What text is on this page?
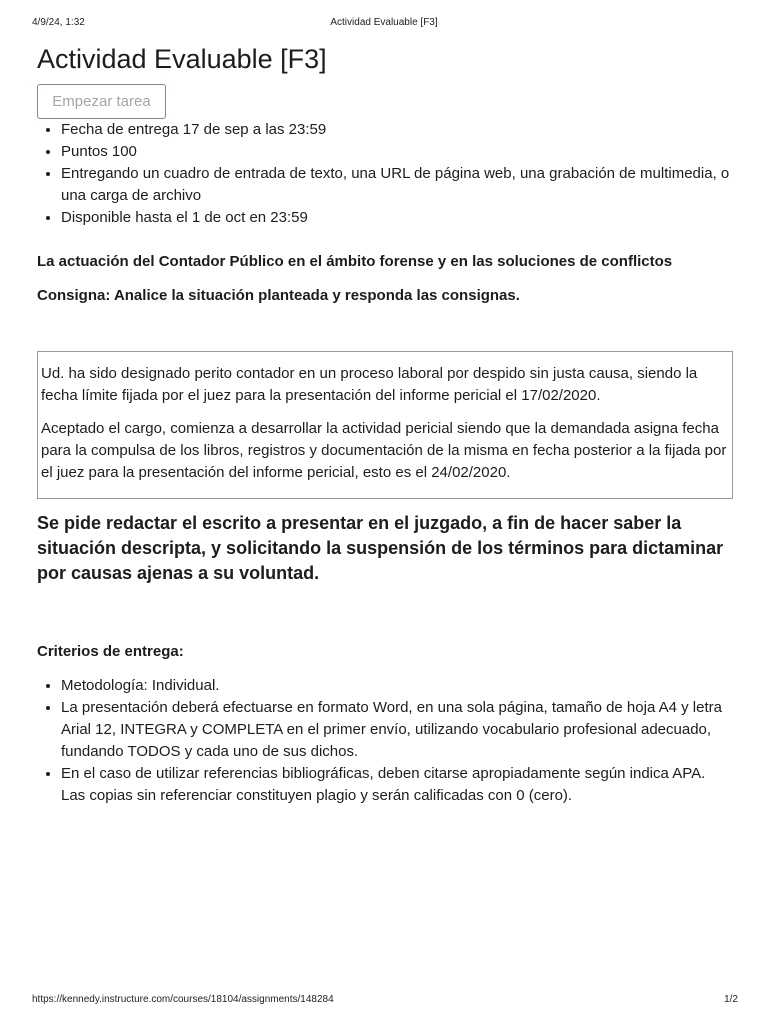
4/9/24, 1:32	Actividad Evaluable [F3]
Actividad Evaluable [F3]
Empezar tarea
• Fecha de entrega 17 de sep a las 23:59
• Puntos 100
• Entregando un cuadro de entrada de texto, una URL de página web, una grabación de multimedia, o una carga de archivo
• Disponible hasta el 1 de oct en 23:59

La actuación del Contador Público en el ámbito forense y en las soluciones de conflictos

Consigna: Analice la situación planteada y responda las consignas.

Ud. ha sido designado perito contador en un proceso laboral por despido sin justa causa, siendo la fecha límite fijada por el juez para la presentación del informe pericial el 17/02/2020.

Aceptado el cargo, comienza a desarrollar la actividad pericial siendo que la demandada asigna fecha para la compulsa de los libros, registros y documentación de la misma en fecha posterior a la fijada por el juez para la presentación del informe pericial, esto es el 24/02/2020.

Se pide redactar el escrito a presentar en el juzgado, a fin de hacer saber la situación descripta, y solicitando la suspensión de los términos para dictaminar por causas ajenas a su voluntad.
Criterios de entrega:
• Metodología: Individual.
• La presentación deberá efectuarse en formato Word, en una sola página, tamaño de hoja A4 y letra Arial 12, INTEGRA y COMPLETA en el primer envío, utilizando vocabulario profesional adecuado, fundando TODOS y cada uno de sus dichos.
• En el caso de utilizar referencias bibliográficas, deben citarse apropiadamente según indica APA. Las copias sin referenciar constituyen plagio y serán calificadas con 0 (cero).
https://kennedy.instructure.com/courses/18104/assignments/148284	1/2
